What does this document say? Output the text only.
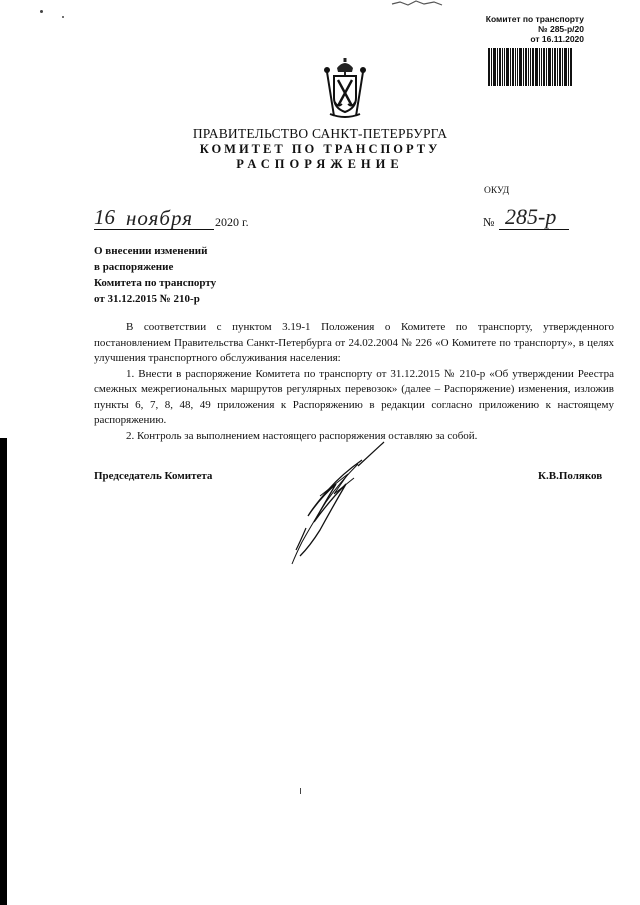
Комитет по транспорту
№ 285-р/20
от 16.11.2020
ПРАВИТЕЛЬСТВО САНКТ-ПЕТЕРБУРГА
КОМИТЕТ ПО ТРАНСПОРТУ
РАСПОРЯЖЕНИЕ
ОКУД
16 ноября 2020 г.	№ 285-р
О внесении изменений
в распоряжение
Комитета по транспорту
от 31.12.2015 № 210-р

В соответствии с пунктом 3.19-1 Положения о Комитете по транспорту, утвержденного постановлением Правительства Санкт-Петербурга от 24.02.2004 № 226 «О Комитете по транспорту», в целях улучшения транспортного обслуживания населения:

1. Внести в распоряжение Комитета по транспорту от 31.12.2015 № 210-р «Об утверждении Реестра смежных межрегиональных маршрутов регулярных перевозок» (далее – Распоряжение) изменения, изложив пункты 6, 7, 8, 48, 49 приложения к Распоряжению в редакции согласно приложению к настоящему распоряжению.

2. Контроль за выполнением настоящего распоряжения оставляю за собой.

Председатель Комитета	К.В.Поляков
